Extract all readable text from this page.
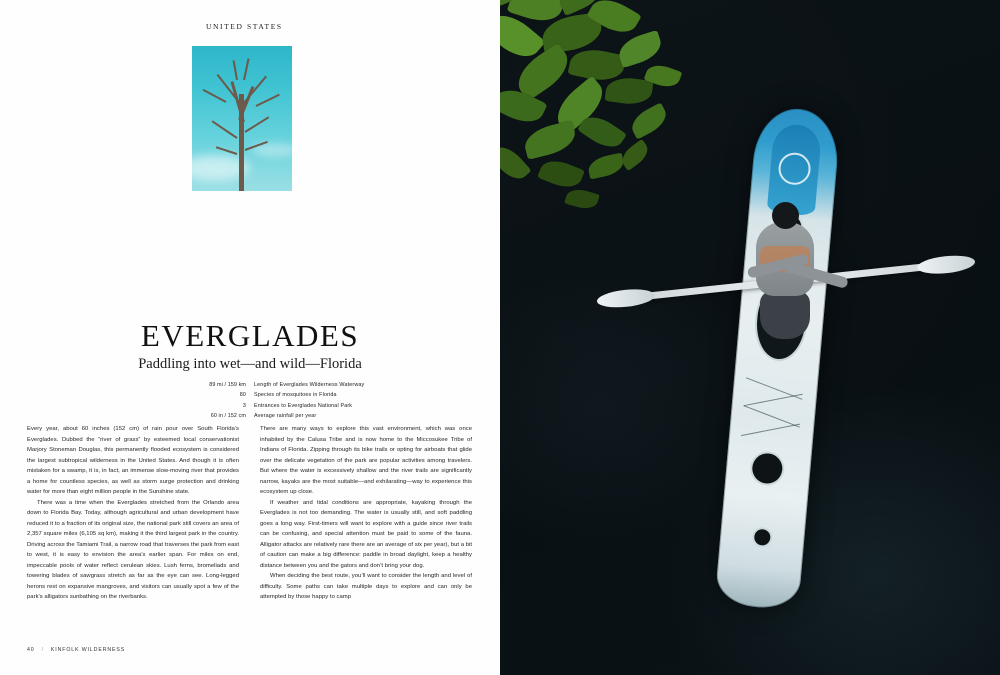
UNITED STATES
EVERGLADES
Paddling into wet—and wild—Florida
89 mi / 159 km	Length of Everglades Wilderness Waterway
80	Species of mosquitoes in Florida
3	Entrances to Everglades National Park
60 in / 152 cm	Average rainfall per year

Every year, about 60 inches (152 cm) of rain pour over South Florida’s Everglades. Dubbed the “river of grass” by esteemed local conservationist Marjory Stoneman Douglas, this permanently flooded ecosystem is considered the largest subtropical wilderness in the United States. And though it is often mistaken for a swamp, it is, in fact, an immense slow-moving river that provides a home for countless species, as well as storm surge protection and drinking water for more than eight million people in the Sunshine state.

There was a time when the Everglades stretched from the Orlando area down to Florida Bay. Today, although agricultural and urban development have reduced it to a fraction of its original size, the national park still covers an area of 2,357 square miles (6,105 sq km), making it the third largest park in the country. Driving across the Tamiami Trail, a narrow road that traverses the park from east to west, it is easy to envision the area’s earlier span. For miles on end, impeccable pools of water reflect cerulean skies. Lush ferns, bromeliads and towering blades of sawgrass stretch as far as the eye can see. Long-legged herons rest on expansive mangroves, and visitors can usually spot a few of the park’s alligators sunbathing on the riverbanks.

There are many ways to explore this vast environment, which was once inhabited by the Calusa Tribe and is now home to the Miccosukee Tribe of Indians of Florida. Zipping through its bike trails or opting for airboats that glide over the delicate vegetation of the park are popular activities among travelers. But where the water is excessively shallow and the river trails are significantly narrow, kayaks are the most suitable—and exhilarating—way to experience this ecosystem up close.

If weather and tidal conditions are appropriate, kayaking through the Everglades is not too demanding. The water is usually still, and soft paddling goes a long way. First-timers will want to explore with a guide since river trails can be confusing, and special attention must be paid to some of the fauna. Alligator attacks are relatively rare there are an average of six per year), but a bit of caution can make a big difference: paddle in broad daylight, keep a healthy distance between you and the gators and don’t bring your dog.

When deciding the best route, you’ll want to consider the length and level of difficulty. Some paths can take multiple days to explore and can only be attempted by those happy to camp

40 / KINFOLK WILDERNESS
